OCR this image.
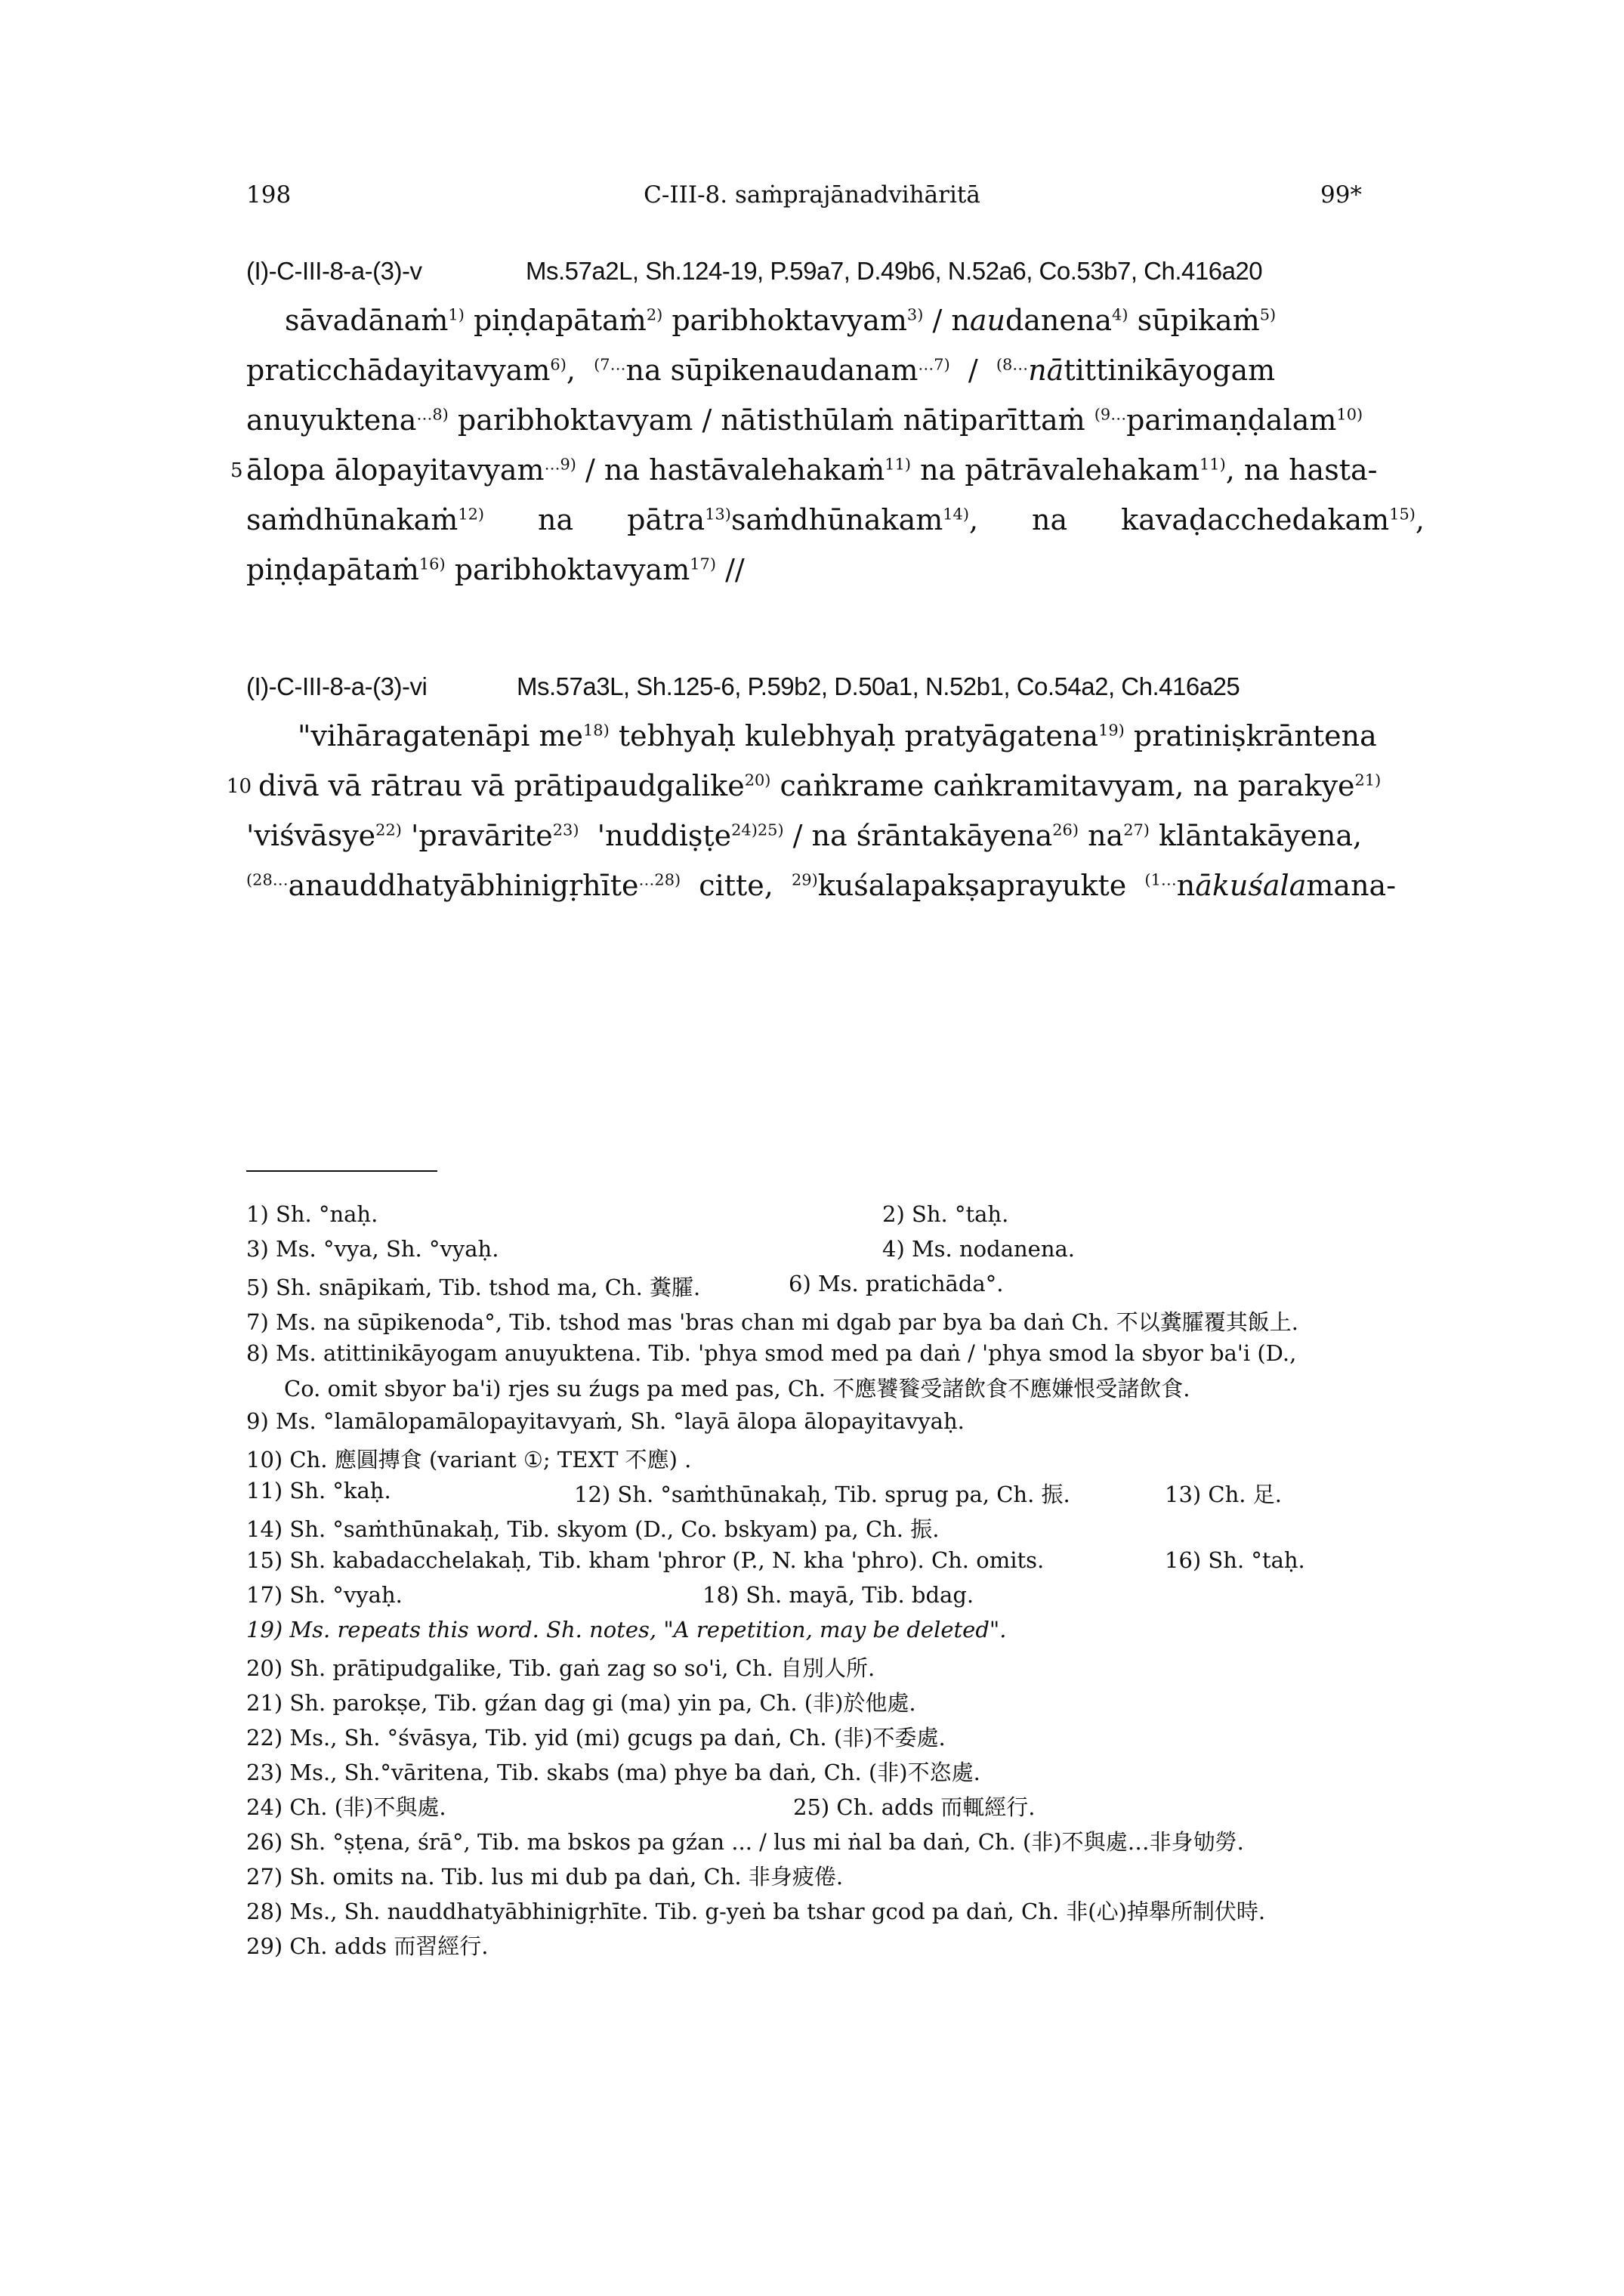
198	C-III-8. saṁprajānadvihāritā	99*
(I)-C-III-8-a-(3)-v	Ms.57a2L, Sh.124-19, P.59a7, D.49b6, N.52a6, Co.53b7, Ch.416a20
sāvadānaṁ$^{1)}$ piṇḍapātaṁ$^{2)}$ paribhoktavyam$^{3)}$ / naudanena$^{4)}$ sūpikaṁ$^{5)}$
praticchādayitavyam$^{6)}$,  $^{(7\dots}$na sūpikenaudanam$^{\dots 7)}$  /  $^{(8\dots}$nātittinikāyogam
anuyuktena$^{\dots 8)}$ paribhoktavyam / nātisthūlaṁ nātiparīttaṁ $^{(9\dots}$parimaṇḍalam$^{10)}$
5 ālopa ālopayitavyam$^{\dots 9)}$ / na hastāvalehakaṁ$^{11)}$ na pātrāvalehakam$^{11)}$, na hasta-
saṁdhūnakaṁ$^{12)}$ na pātra$^{13)}$saṁdhūnakam$^{14)}$, na kavaḍacchedakam$^{15)}$,
piṇḍapātaṁ$^{16)}$ paribhoktavyam$^{17)}$ //
(I)-C-III-8-a-(3)-vi	Ms.57a3L, Sh.125-6, P.59b2, D.50a1, N.52b1, Co.54a2, Ch.416a25
"vihāragatenāpi $me^{18)}$ tebhyaḥ kulebhyaḥ pratyāgatena$^{19)}$ pratiniṣkrāntena
10 divā vā rātrau vā prātipaudgalike$^{20)}$ caṅkrame caṅkramitavyam, na parakye$^{21)}$
'viśvāsye$^{22)}$ 'pravārite$^{23)}$  'nuddiṣṭe$^{24)25)}$ / na śrāntakāyena$^{26)}$ $na^{27)}$ klāntakāyena,
$^{(28\dots}$anauddhatyābhinigṛhīte$^{\dots 28)}$  citte,  $^{29)}$kuśalapakṣaprayukte  $^{(1\dots}$nākuśalamana-
1) Sh. °naḥ.	2) Sh. °taḥ.
3) Ms. °vya, Sh. °vyaḥ.	4) Ms. nodanena.
5) Sh. snāpikaṁ, Tib. tshod ma, Ch. 糞臛.	6) Ms. pratichāda°.
7) Ms. na sūpikenoda°, Tib. tshod mas 'bras chan mi dgab par bya ba daṅ Ch. 不以糞臛覆其飯上.
8) Ms. atittinikāyogam anuyuktena. Tib. 'phya smod med pa daṅ / 'phya smod la sbyor ba'i (D.,
Co. omit sbyor ba'i) rjes su źugs pa med pas, Ch. 不應饕餮受諸飲食不應嫌恨受諸飲食.
9) Ms. °lamālopamālopayitavyaṁ, Sh. °layā ālopa ālopayitavyaḥ.
10) Ch. 應圓摶食 (variant ①; TEXT 不應) .
11) Sh. °kaḥ.	12) Sh. °saṁthūnakaḥ, Tib. sprug pa, Ch. 振.	13) Ch. 足.
14) Sh. °saṁthūnakaḥ, Tib. skyom (D., Co. bskyam) pa, Ch. 振.
15) Sh. kabadacchelakaḥ, Tib. kham 'phror (P., N. kha 'phro). Ch. omits.	16) Sh. °taḥ.
17) Sh. °vyaḥ.	18) Sh. mayā, Tib. bdag.
19) Ms. repeats this word. Sh. notes, "A repetition, may be deleted".
20) Sh. prātipudgalike, Tib. gaṅ zag so so'i, Ch. 自別人所.
21) Sh. parokṣe, Tib. gźan dag gi (ma) yin pa, Ch. (非)於他處.
22) Ms., Sh. °śvāsya, Tib. yid (mi) gcugs pa daṅ, Ch. (非)不委處.
23) Ms., Sh.°vāritena, Tib. skabs (ma) phye ba daṅ, Ch. (非)不恣處.
24) Ch. (非)不與處.	25) Ch. adds 而輒經行.
26) Sh. °ṣṭena, śrā°, Tib. ma bskos pa gźan ... / lus mi ṅal ba daṅ, Ch. (非)不與處…非身劬勞.
27) Sh. omits na. Tib. lus mi dub pa daṅ, Ch. 非身疲倦.
28) Ms., Sh. nauddhatyābhinigṛhīte. Tib. g-yeṅ ba tshar gcod pa daṅ, Ch. 非(心)掉舉所制伏時.
29) Ch. adds 而習經行.
